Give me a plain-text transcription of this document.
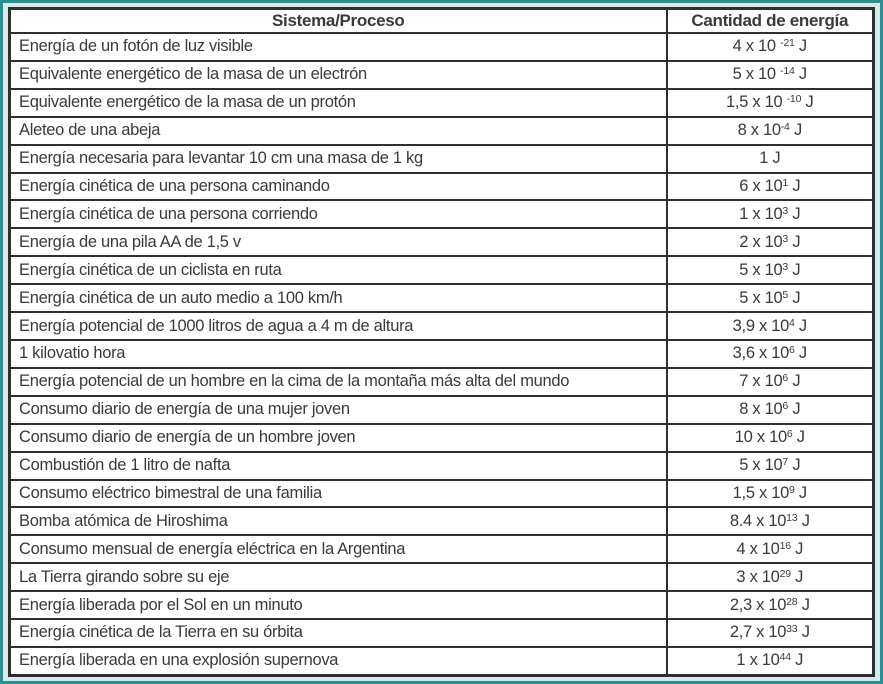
Sistema/Proceso	Cantidad de energía
Energía de un fotón de luz visible	4 x 10 $^{-21}$ J
Equivalente energético de la masa de un electrón	5 x 10 $^{-14}$ J
Equivalente energético de la masa de un protón	1,5 x 10 $^{-10}$ J
Aleteo de una abeja	8 x $10^{-4}$ J
Energía necesaria para levantar 10 cm una masa de 1 kg	1 J
Energía cinética de una persona caminando	6 x $10^1$ J
Energía cinética de una persona corriendo	1 x $10^3$ J
Energía de una pila AA de 1,5 v	2 x $10^3$ J
Energía cinética de un ciclista en ruta	5 x $10^3$ J
Energía cinética de un auto medio a 100 km/h	5 x $10^5$ J
Energía potencial de 1000 litros de agua a 4 m de altura	3,9 x $10^4$ J
1 kilovatio hora	3,6 x $10^6$ J
Energía potencial de un hombre en la cima de la montaña más alta del mundo	7 x $10^6$ J
Consumo diario de energía de una mujer joven	8 x $10^6$ J
Consumo diario de energía de un hombre joven	10 x $10^6$ J
Combustión de 1 litro de nafta	5 x $10^7$ J
Consumo eléctrico bimestral de una familia	1,5 x $10^9$ J
Bomba atómica de Hiroshima	8.4 x $10^{13}$ J
Consumo mensual de energía eléctrica en la Argentina	4 x $10^{16}$ J
La Tierra girando sobre su eje	3 x $10^{29}$ J
Energía liberada por el Sol en un minuto	2,3 x $10^{28}$ J
Energía cinética de la Tierra en su órbita	2,7 x $10^{33}$ J
Energía liberada en una explosión supernova	1 x $10^{44}$ J
